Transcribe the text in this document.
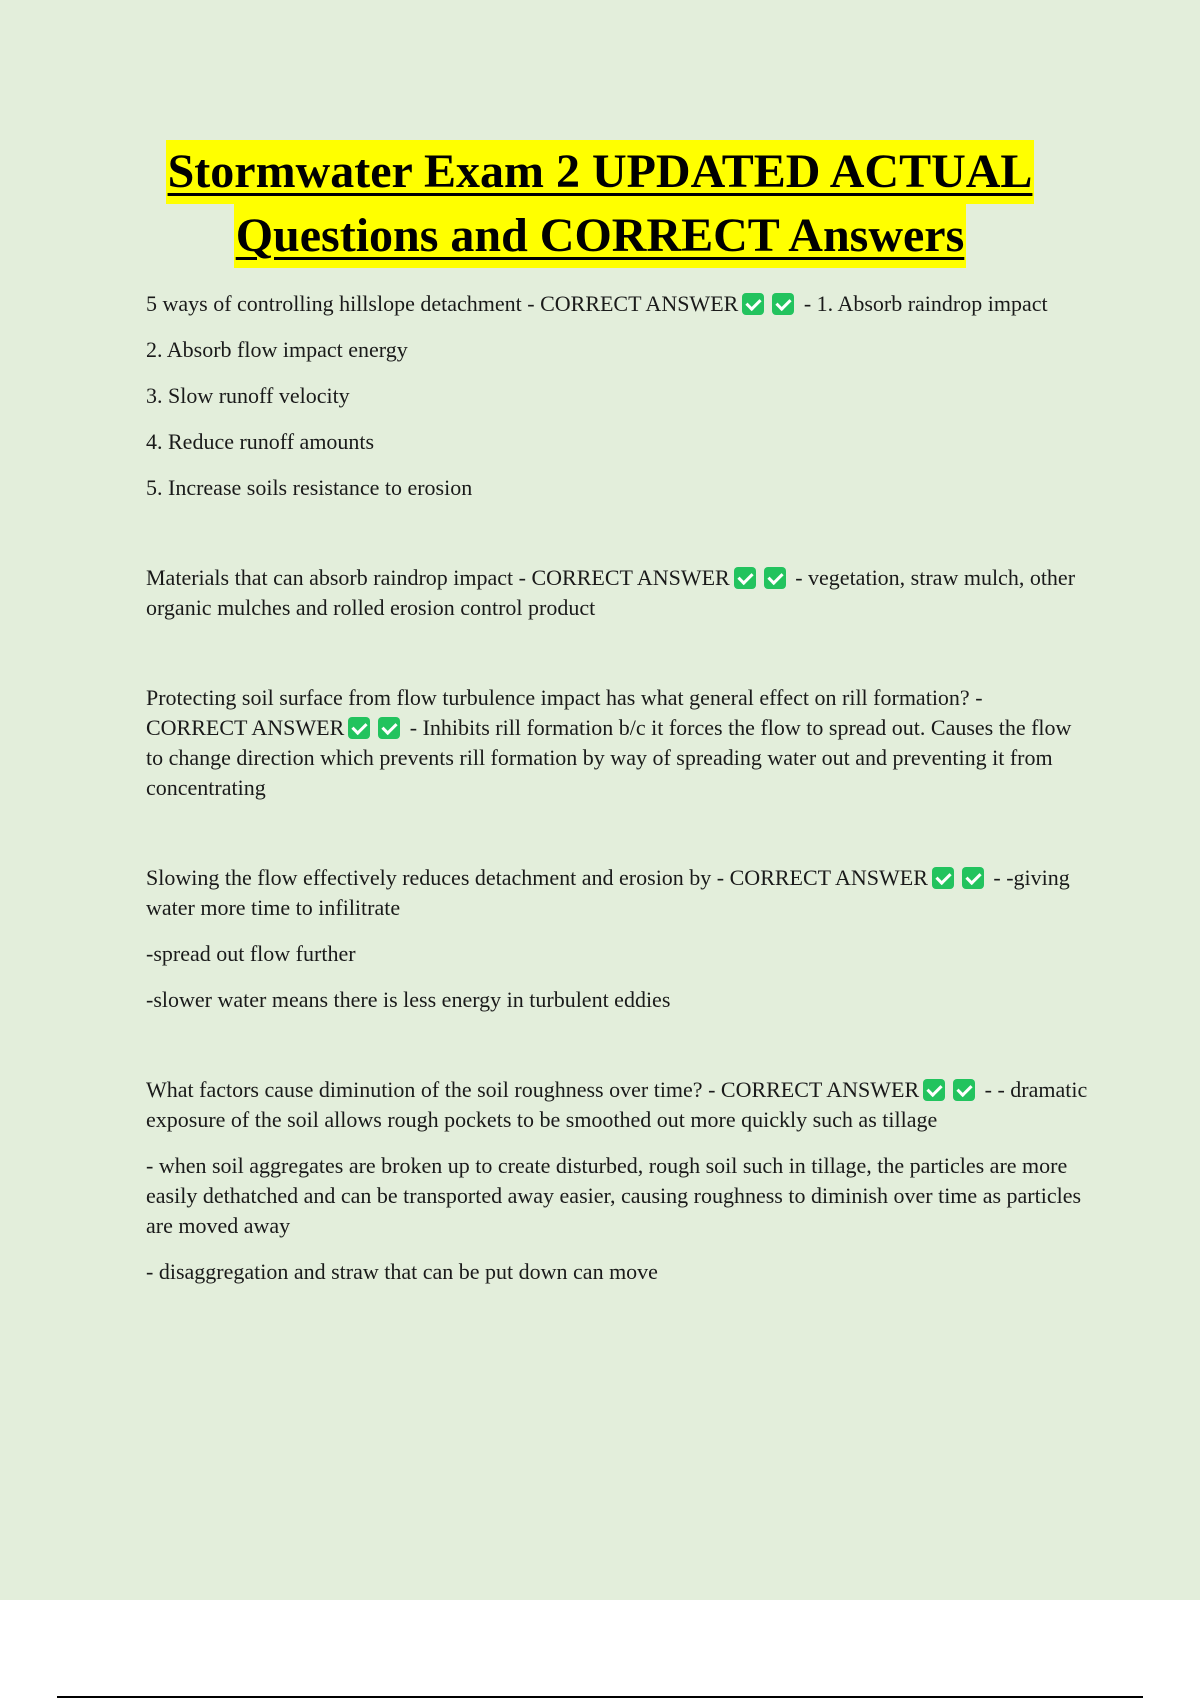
Stormwater Exam 2 UPDATED ACTUAL
Questions and CORRECT Answers

5 ways of controlling hillslope detachment - CORRECT ANSWER	- 1. Absorb raindrop impact

2. Absorb flow impact energy

3. Slow runoff velocity

4. Reduce runoff amounts

5. Increase soils resistance to erosion

Materials that can absorb raindrop impact - CORRECT ANSWER	- vegetation, straw mulch, other organic mulches and rolled erosion control product

Protecting soil surface from flow turbulence impact has what general effect on rill formation? - CORRECT ANSWER	- Inhibits rill formation b/c it forces the flow to spread out. Causes the flow to change direction which prevents rill formation by way of spreading water out and preventing it from concentrating

Slowing the flow effectively reduces detachment and erosion by - CORRECT ANSWER	- -giving water more time to infilitrate

-spread out flow further

-slower water means there is less energy in turbulent eddies

What factors cause diminution of the soil roughness over time? - CORRECT ANSWER	- - dramatic exposure of the soil allows rough pockets to be smoothed out more quickly such as tillage

- when soil aggregates are broken up to create disturbed, rough soil such in tillage, the particles are more easily dethatched and can be transported away easier, causing roughness to diminish over time as particles are moved away

- disaggregation and straw that can be put down can move
